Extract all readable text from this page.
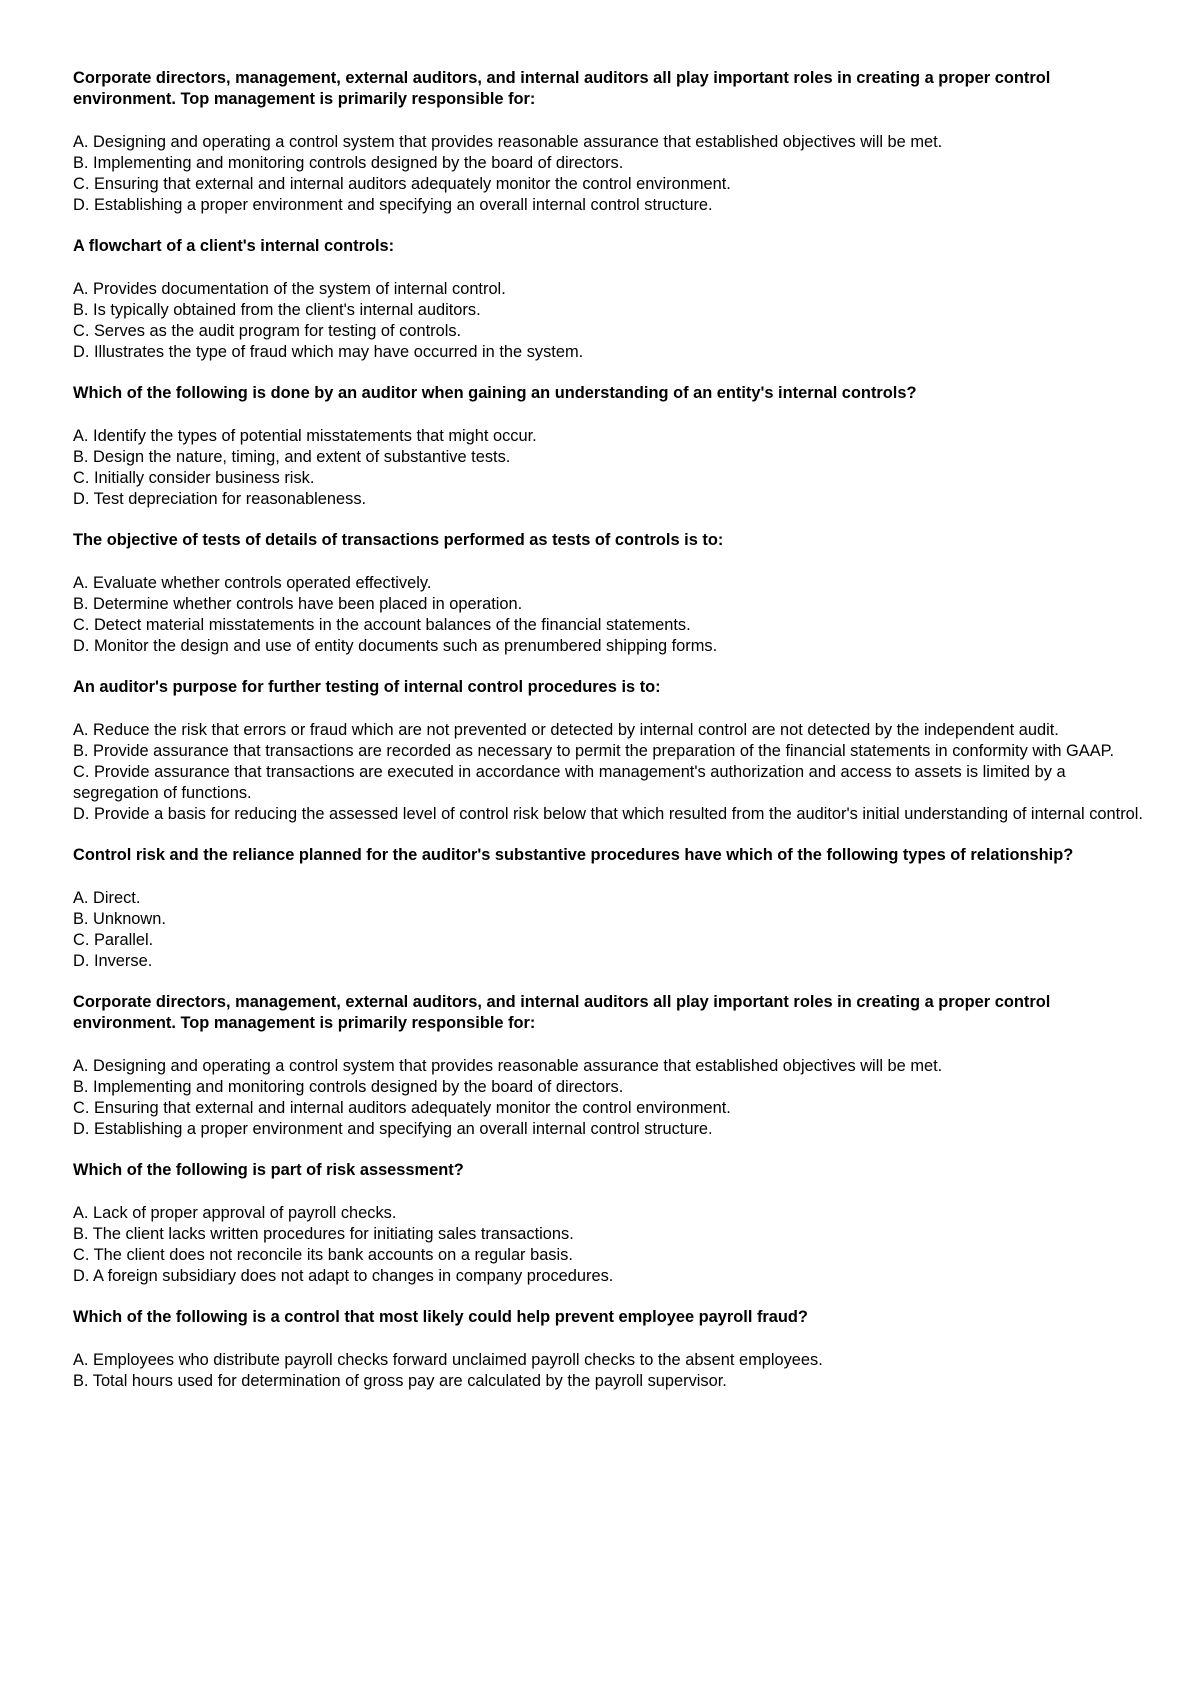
Corporate directors, management, external auditors, and internal auditors all play important roles in creating a proper control environment. Top management is primarily responsible for:

A. Designing and operating a control system that provides reasonable assurance that established objectives will be met.
B. Implementing and monitoring controls designed by the board of directors.
C. Ensuring that external and internal auditors adequately monitor the control environment.
D. Establishing a proper environment and specifying an overall internal control structure.

A flowchart of a client's internal controls:

A. Provides documentation of the system of internal control.
B. Is typically obtained from the client's internal auditors.
C. Serves as the audit program for testing of controls.
D. Illustrates the type of fraud which may have occurred in the system.

Which of the following is done by an auditor when gaining an understanding of an entity's internal controls?

A. Identify the types of potential misstatements that might occur.
B. Design the nature, timing, and extent of substantive tests.
C. Initially consider business risk.
D. Test depreciation for reasonableness.

The objective of tests of details of transactions performed as tests of controls is to:

A. Evaluate whether controls operated effectively.
B. Determine whether controls have been placed in operation.
C. Detect material misstatements in the account balances of the financial statements.
D. Monitor the design and use of entity documents such as prenumbered shipping forms.

An auditor's purpose for further testing of internal control procedures is to:

A. Reduce the risk that errors or fraud which are not prevented or detected by internal control are not detected by the independent audit.
B. Provide assurance that transactions are recorded as necessary to permit the preparation of the financial statements in conformity with GAAP.
C. Provide assurance that transactions are executed in accordance with management's authorization and access to assets is limited by a segregation of functions.
D. Provide a basis for reducing the assessed level of control risk below that which resulted from the auditor's initial understanding of internal control.

Control risk and the reliance planned for the auditor's substantive procedures have which of the following types of relationship?

A. Direct.
B. Unknown.
C. Parallel.
D. Inverse.

Corporate directors, management, external auditors, and internal auditors all play important roles in creating a proper control environment. Top management is primarily responsible for:

A. Designing and operating a control system that provides reasonable assurance that established objectives will be met.
B. Implementing and monitoring controls designed by the board of directors.
C. Ensuring that external and internal auditors adequately monitor the control environment.
D. Establishing a proper environment and specifying an overall internal control structure.

Which of the following is part of risk assessment?

A. Lack of proper approval of payroll checks.
B. The client lacks written procedures for initiating sales transactions.
C. The client does not reconcile its bank accounts on a regular basis.
D. A foreign subsidiary does not adapt to changes in company procedures.

Which of the following is a control that most likely could help prevent employee payroll fraud?

A. Employees who distribute payroll checks forward unclaimed payroll checks to the absent employees.
B. Total hours used for determination of gross pay are calculated by the payroll supervisor.
